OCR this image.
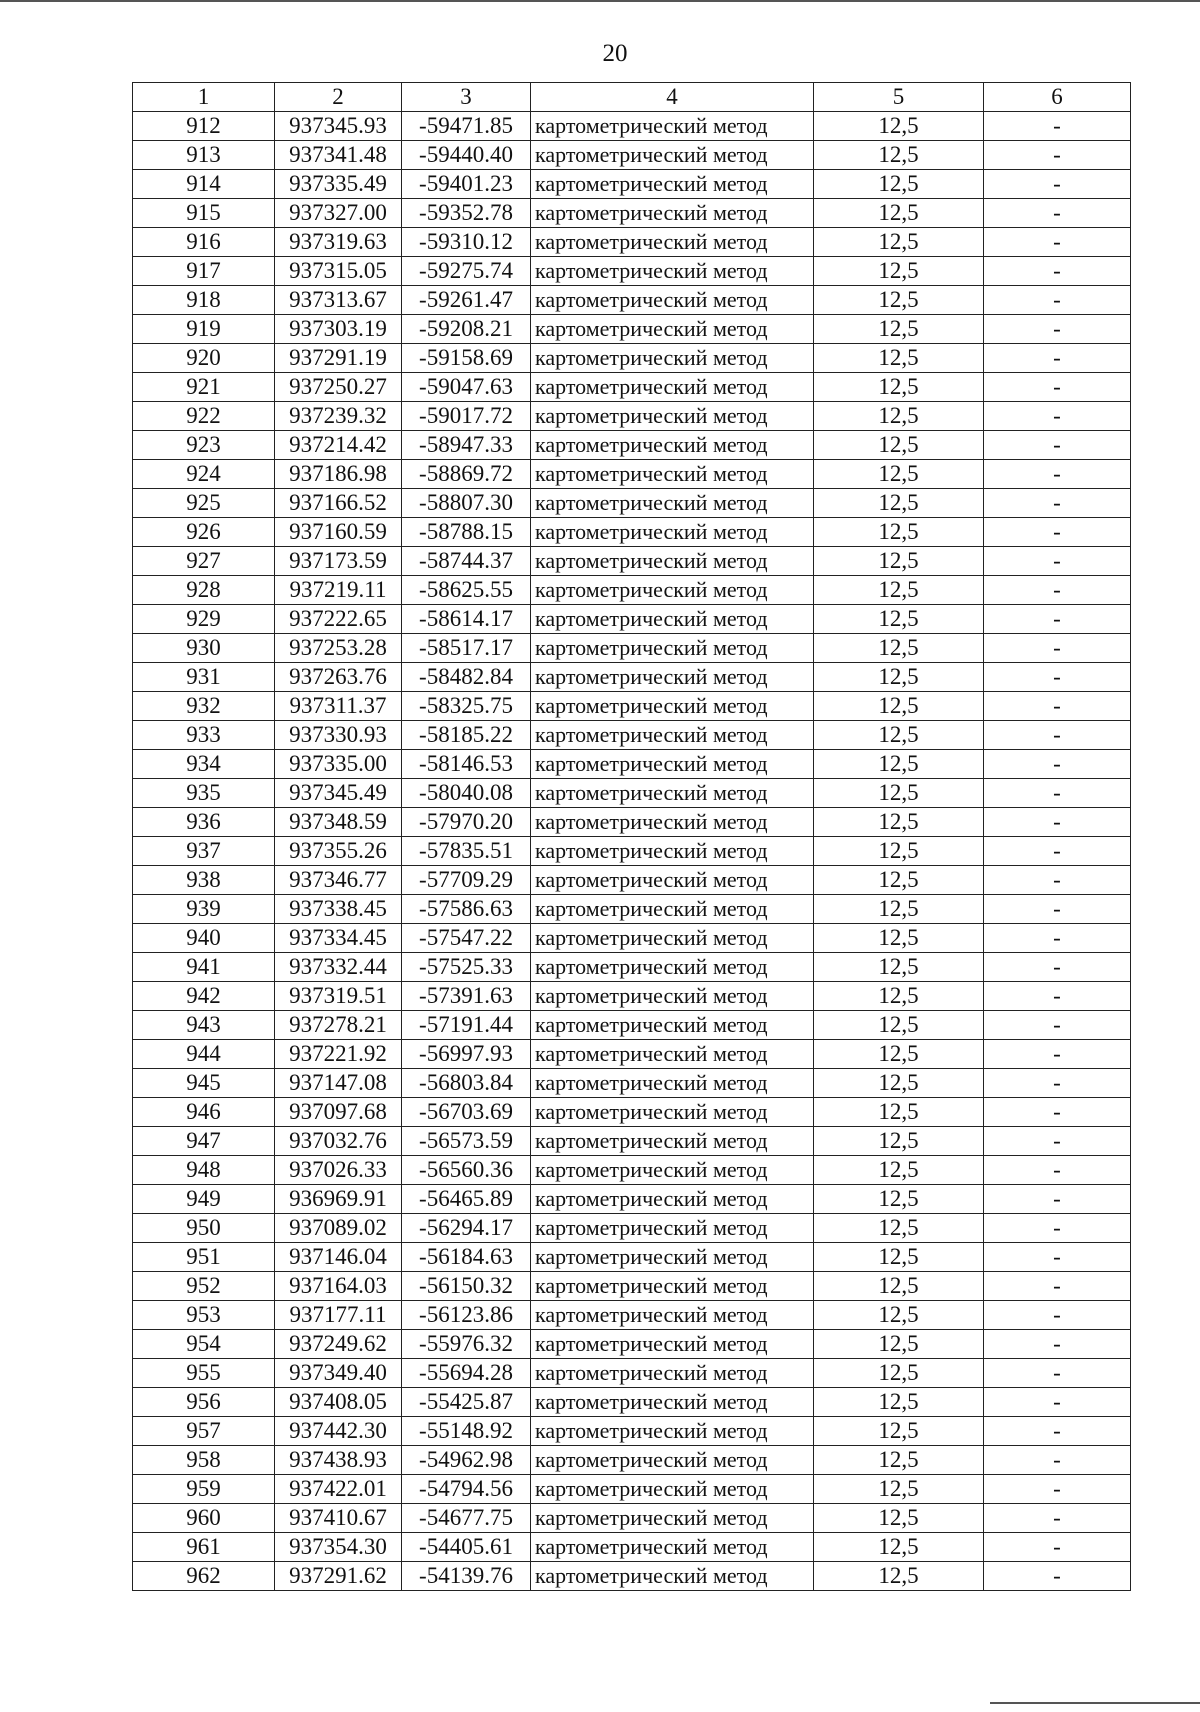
20
1	2	3	4	5	6
912	937345.93	-59471.85	картометрический метод	12,5	-
913	937341.48	-59440.40	картометрический метод	12,5	-
914	937335.49	-59401.23	картометрический метод	12,5	-
915	937327.00	-59352.78	картометрический метод	12,5	-
916	937319.63	-59310.12	картометрический метод	12,5	-
917	937315.05	-59275.74	картометрический метод	12,5	-
918	937313.67	-59261.47	картометрический метод	12,5	-
919	937303.19	-59208.21	картометрический метод	12,5	-
920	937291.19	-59158.69	картометрический метод	12,5	-
921	937250.27	-59047.63	картометрический метод	12,5	-
922	937239.32	-59017.72	картометрический метод	12,5	-
923	937214.42	-58947.33	картометрический метод	12,5	-
924	937186.98	-58869.72	картометрический метод	12,5	-
925	937166.52	-58807.30	картометрический метод	12,5	-
926	937160.59	-58788.15	картометрический метод	12,5	-
927	937173.59	-58744.37	картометрический метод	12,5	-
928	937219.11	-58625.55	картометрический метод	12,5	-
929	937222.65	-58614.17	картометрический метод	12,5	-
930	937253.28	-58517.17	картометрический метод	12,5	-
931	937263.76	-58482.84	картометрический метод	12,5	-
932	937311.37	-58325.75	картометрический метод	12,5	-
933	937330.93	-58185.22	картометрический метод	12,5	-
934	937335.00	-58146.53	картометрический метод	12,5	-
935	937345.49	-58040.08	картометрический метод	12,5	-
936	937348.59	-57970.20	картометрический метод	12,5	-
937	937355.26	-57835.51	картометрический метод	12,5	-
938	937346.77	-57709.29	картометрический метод	12,5	-
939	937338.45	-57586.63	картометрический метод	12,5	-
940	937334.45	-57547.22	картометрический метод	12,5	-
941	937332.44	-57525.33	картометрический метод	12,5	-
942	937319.51	-57391.63	картометрический метод	12,5	-
943	937278.21	-57191.44	картометрический метод	12,5	-
944	937221.92	-56997.93	картометрический метод	12,5	-
945	937147.08	-56803.84	картометрический метод	12,5	-
946	937097.68	-56703.69	картометрический метод	12,5	-
947	937032.76	-56573.59	картометрический метод	12,5	-
948	937026.33	-56560.36	картометрический метод	12,5	-
949	936969.91	-56465.89	картометрический метод	12,5	-
950	937089.02	-56294.17	картометрический метод	12,5	-
951	937146.04	-56184.63	картометрический метод	12,5	-
952	937164.03	-56150.32	картометрический метод	12,5	-
953	937177.11	-56123.86	картометрический метод	12,5	-
954	937249.62	-55976.32	картометрический метод	12,5	-
955	937349.40	-55694.28	картометрический метод	12,5	-
956	937408.05	-55425.87	картометрический метод	12,5	-
957	937442.30	-55148.92	картометрический метод	12,5	-
958	937438.93	-54962.98	картометрический метод	12,5	-
959	937422.01	-54794.56	картометрический метод	12,5	-
960	937410.67	-54677.75	картометрический метод	12,5	-
961	937354.30	-54405.61	картометрический метод	12,5	-
962	937291.62	-54139.76	картометрический метод	12,5	-
